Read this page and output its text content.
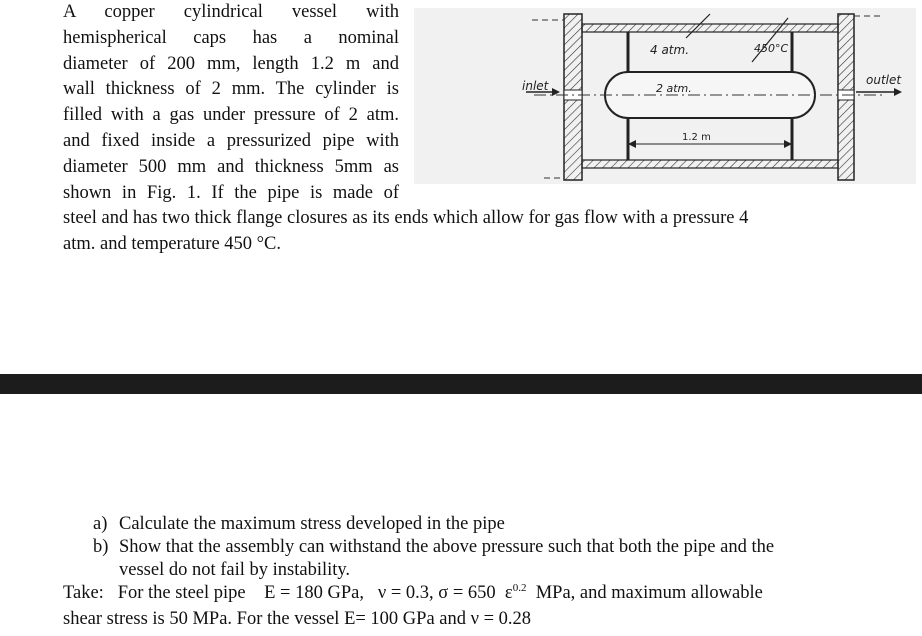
A copper cylindrical vessel with
hemispherical caps has a nominal
diameter of 200 mm, length 1.2 m and
wall thickness of 2 mm. The cylinder is
filled with a gas under pressure of 2 atm.
and fixed inside a pressurized pipe with
diameter 500 mm and thickness 5mm as
shown in Fig. 1. If the pipe is made of
steel and has two thick flange closures as its ends which allow for gas flow with a pressure 4
atm. and temperature 450 °C.
inlet	outlet
4 atm.	450°C
2 atm.
1.2 m
a) Calculate the maximum stress developed in the pipe
b) Show that the assembly can withstand the above pressure such that both the pipe and the
vessel do not fail by instability.
Take:   For the steel pipe    E = 180 GPa,   ν = 0.3, σ = 650  $\varepsilon^{0.2}$  MPa, and maximum allowable
shear stress is 50 MPa. For the vessel E= 100 GPa and ν = 0.28
